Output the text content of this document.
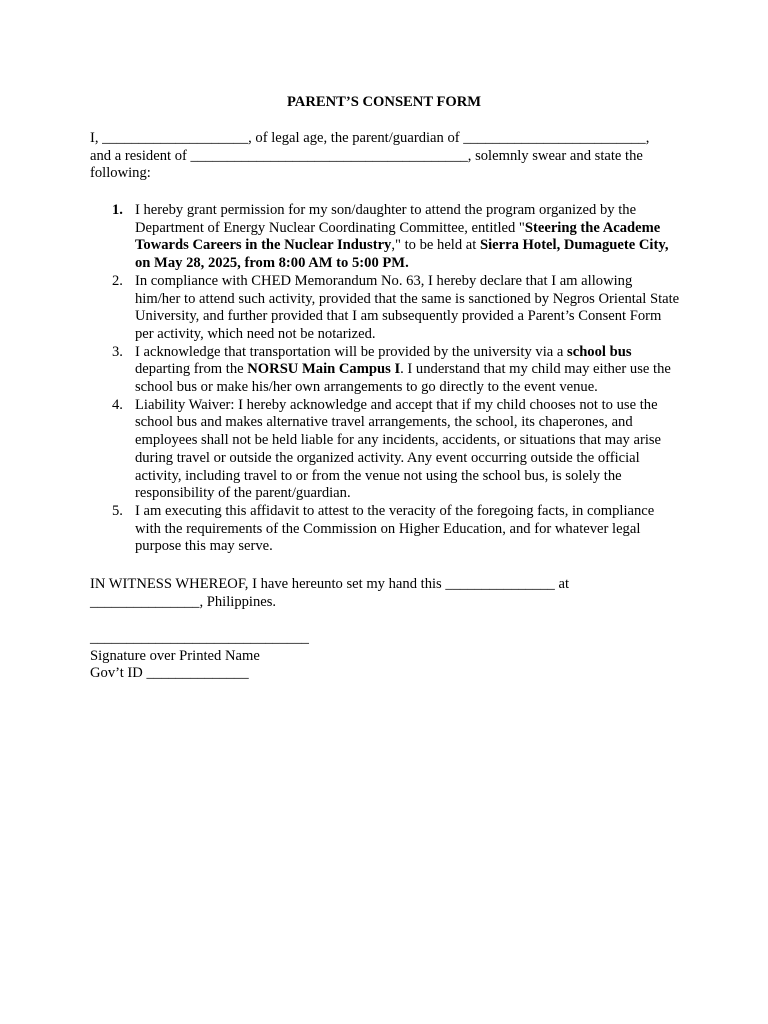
PARENT’S CONSENT FORM
I, ____________________, of legal age, the parent/guardian of _________________________,
and a resident of ______________________________________, solemnly swear and state the
following:
1. I hereby grant permission for my son/daughter to attend the program organized by the Department of Energy Nuclear Coordinating Committee, entitled "Steering the Academe Towards Careers in the Nuclear Industry," to be held at Sierra Hotel, Dumaguete City, on May 28, 2025, from 8:00 AM to 5:00 PM.
2. In compliance with CHED Memorandum No. 63, I hereby declare that I am allowing him/her to attend such activity, provided that the same is sanctioned by Negros Oriental State University, and further provided that I am subsequently provided a Parent’s Consent Form per activity, which need not be notarized.
3. I acknowledge that transportation will be provided by the university via a school bus departing from the NORSU Main Campus I. I understand that my child may either use the school bus or make his/her own arrangements to go directly to the event venue.
4. Liability Waiver: I hereby acknowledge and accept that if my child chooses not to use the school bus and makes alternative travel arrangements, the school, its chaperones, and employees shall not be held liable for any incidents, accidents, or situations that may arise during travel or outside the organized activity. Any event occurring outside the official activity, including travel to or from the venue not using the school bus, is solely the responsibility of the parent/guardian.
5. I am executing this affidavit to attest to the veracity of the foregoing facts, in compliance with the requirements of the Commission on Higher Education, and for whatever legal purpose this may serve.
IN WITNESS WHEREOF, I have hereunto set my hand this _______________ at
_______________, Philippines.
______________________________
Signature over Printed Name
Gov’t ID ______________
